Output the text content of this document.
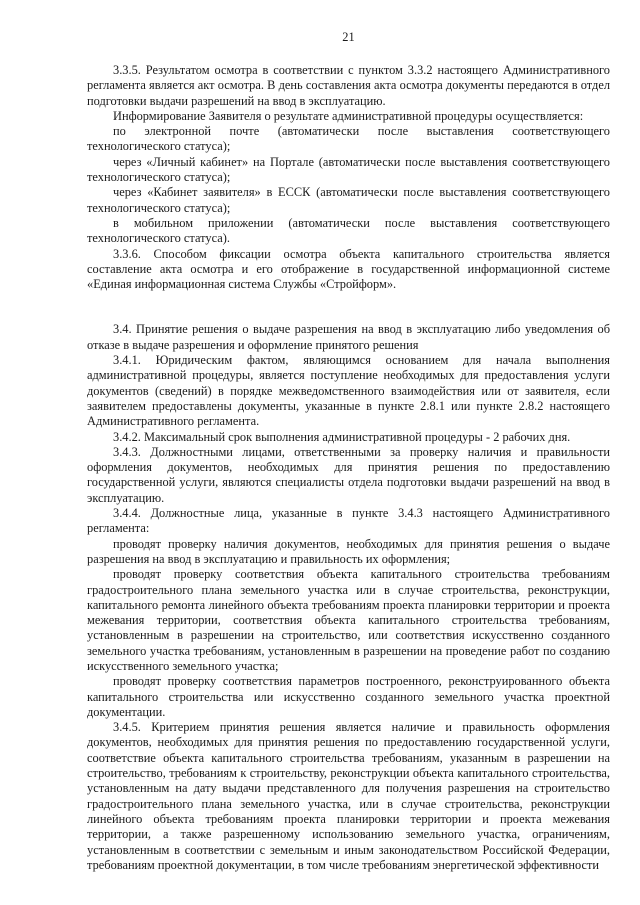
21

3.3.5. Результатом осмотра в соответствии с пунктом 3.3.2 настоящего Административного регламента является акт осмотра. В день составления акта осмотра документы передаются в отдел подготовки выдачи разрешений на ввод в эксплуатацию.

Информирование Заявителя о результате административной процедуры осуществляется:

по электронной почте (автоматически после выставления соответствующего технологического статуса);

через «Личный кабинет» на Портале (автоматически после выставления соответствующего технологического статуса);

через «Кабинет заявителя» в ЕССК (автоматически после выставления соответствующего технологического статуса);

в мобильном приложении (автоматически после выставления соответствующего технологического статуса).

3.3.6. Способом фиксации осмотра объекта капитального строительства является составление акта осмотра и его отображение в государственной информационной системе «Единая информационная система Службы «Стройформ».

3.4. Принятие решения о выдаче разрешения на ввод в эксплуатацию либо уведомления об отказе в выдаче разрешения и оформление принятого решения

3.4.1. Юридическим фактом, являющимся основанием для начала выполнения административной процедуры, является поступление необходимых для предоставления услуги документов (сведений) в порядке межведомственного взаимодействия или от заявителя, если заявителем предоставлены документы, указанные в пункте 2.8.1 или пункте 2.8.2 настоящего Административного регламента.

3.4.2. Максимальный срок выполнения административной процедуры - 2 рабочих дня.

3.4.3. Должностными лицами, ответственными за проверку наличия и правильности оформления документов, необходимых для принятия решения по предоставлению государственной услуги, являются специалисты отдела подготовки выдачи разрешений на ввод в эксплуатацию.

3.4.4. Должностные лица, указанные в пункте 3.4.3 настоящего Административного регламента:

проводят проверку наличия документов, необходимых для принятия решения о выдаче разрешения на ввод в эксплуатацию и правильность их оформления;

проводят проверку соответствия объекта капитального строительства требованиям градостроительного плана земельного участка или в случае строительства, реконструкции, капитального ремонта линейного объекта требованиям проекта планировки территории и проекта межевания территории, соответствия объекта капитального строительства требованиям, установленным в разрешении на строительство, или соответствия искусственно созданного земельного участка требованиям, установленным в разрешении на проведение работ по созданию искусственного земельного участка;

проводят проверку соответствия параметров построенного, реконструированного объекта капитального строительства или искусственно созданного земельного участка проектной документации.

3.4.5. Критерием принятия решения является наличие и правильность оформления документов, необходимых для принятия решения по предоставлению государственной услуги, соответствие объекта капитального строительства требованиям, указанным в разрешении на строительство, требованиям к строительству, реконструкции объекта капитального строительства, установленным на дату выдачи представленного для получения разрешения на строительство градостроительного плана земельного участка, или в случае строительства, реконструкции линейного объекта требованиям проекта планировки территории и проекта межевания территории, а также разрешенному использованию земельного участка, ограничениям, установленным в соответствии с земельным и иным законодательством Российской Федерации, требованиям проектной документации, в том числе требованиям энергетической эффективности
